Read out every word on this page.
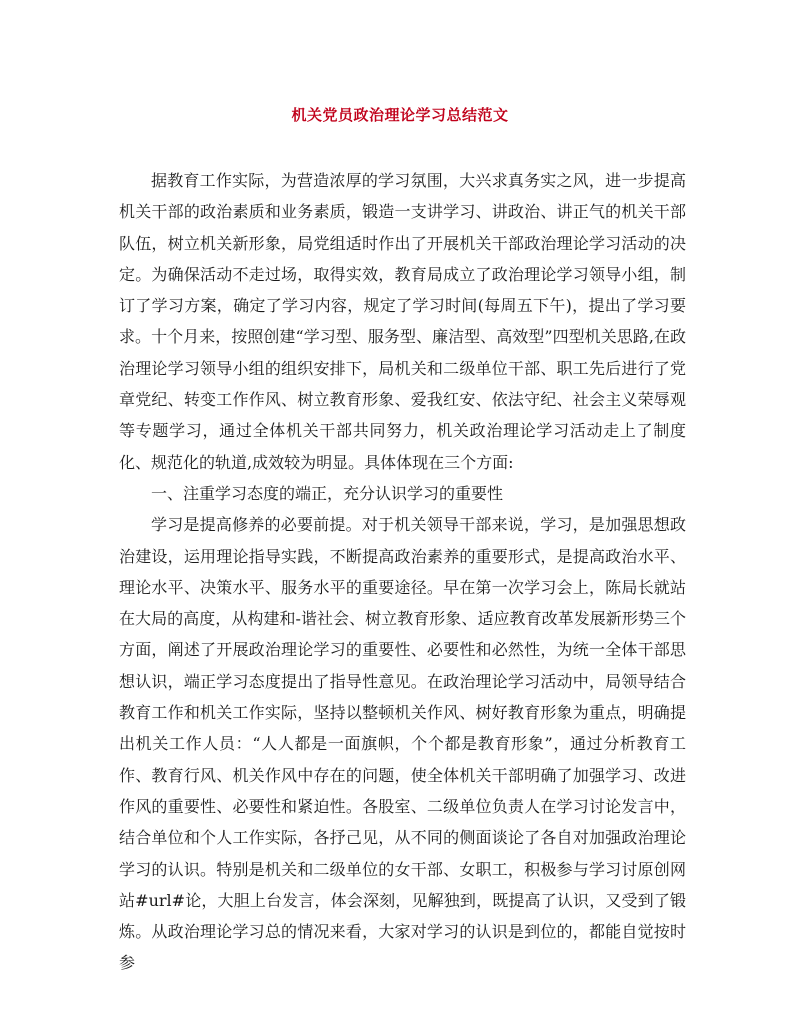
机关党员政治理论学习总结范文

据教育工作实际，为营造浓厚的学习氛围，大兴求真务实之风，进一步提高机关干部的政治素质和业务素质，锻造一支讲学习、讲政治、讲正气的机关干部队伍，树立机关新形象，局党组适时作出了开展机关干部政治理论学习活动的决定。为确保活动不走过场，取得实效，教育局成立了政治理论学习领导小组，制订了学习方案，确定了学习内容，规定了学习时间(每周五下午)，提出了学习要求。十个月来，按照创建“学习型、服务型、廉洁型、高效型”四型机关思路,在政治理论学习领导小组的组织安排下，局机关和二级单位干部、职工先后进行了党章党纪、转变工作作风、树立教育形象、爱我红安、依法守纪、社会主义荣辱观等专题学习，通过全体机关干部共同努力，机关政治理论学习活动走上了制度化、规范化的轨道,成效较为明显。具体体现在三个方面:

一、注重学习态度的端正，充分认识学习的重要性

学习是提高修养的必要前提。对于机关领导干部来说，学习，是加强思想政治建设，运用理论指导实践，不断提高政治素养的重要形式，是提高政治水平、理论水平、决策水平、服务水平的重要途径。早在第一次学习会上，陈局长就站在大局的高度，从构建和-谐社会、树立教育形象、适应教育改革发展新形势三个方面，阐述了开展政治理论学习的重要性、必要性和必然性，为统一全体干部思想认识，端正学习态度提出了指导性意见。在政治理论学习活动中，局领导结合教育工作和机关工作实际，坚持以整顿机关作风、树好教育形象为重点，明确提出机关工作人员：“人人都是一面旗帜，个个都是教育形象”，通过分析教育工作、教育行风、机关作风中存在的问题，使全体机关干部明确了加强学习、改进作风的重要性、必要性和紧迫性。各股室、二级单位负责人在学习讨论发言中，结合单位和个人工作实际，各抒己见，从不同的侧面谈论了各自对加强政治理论学习的认识。特别是机关和二级单位的女干部、女职工，积极参与学习讨原创网站#url#论，大胆上台发言，体会深刻，见解独到，既提高了认识，又受到了锻炼。从政治理论学习总的情况来看，大家对学习的认识是到位的，都能自觉按时参
